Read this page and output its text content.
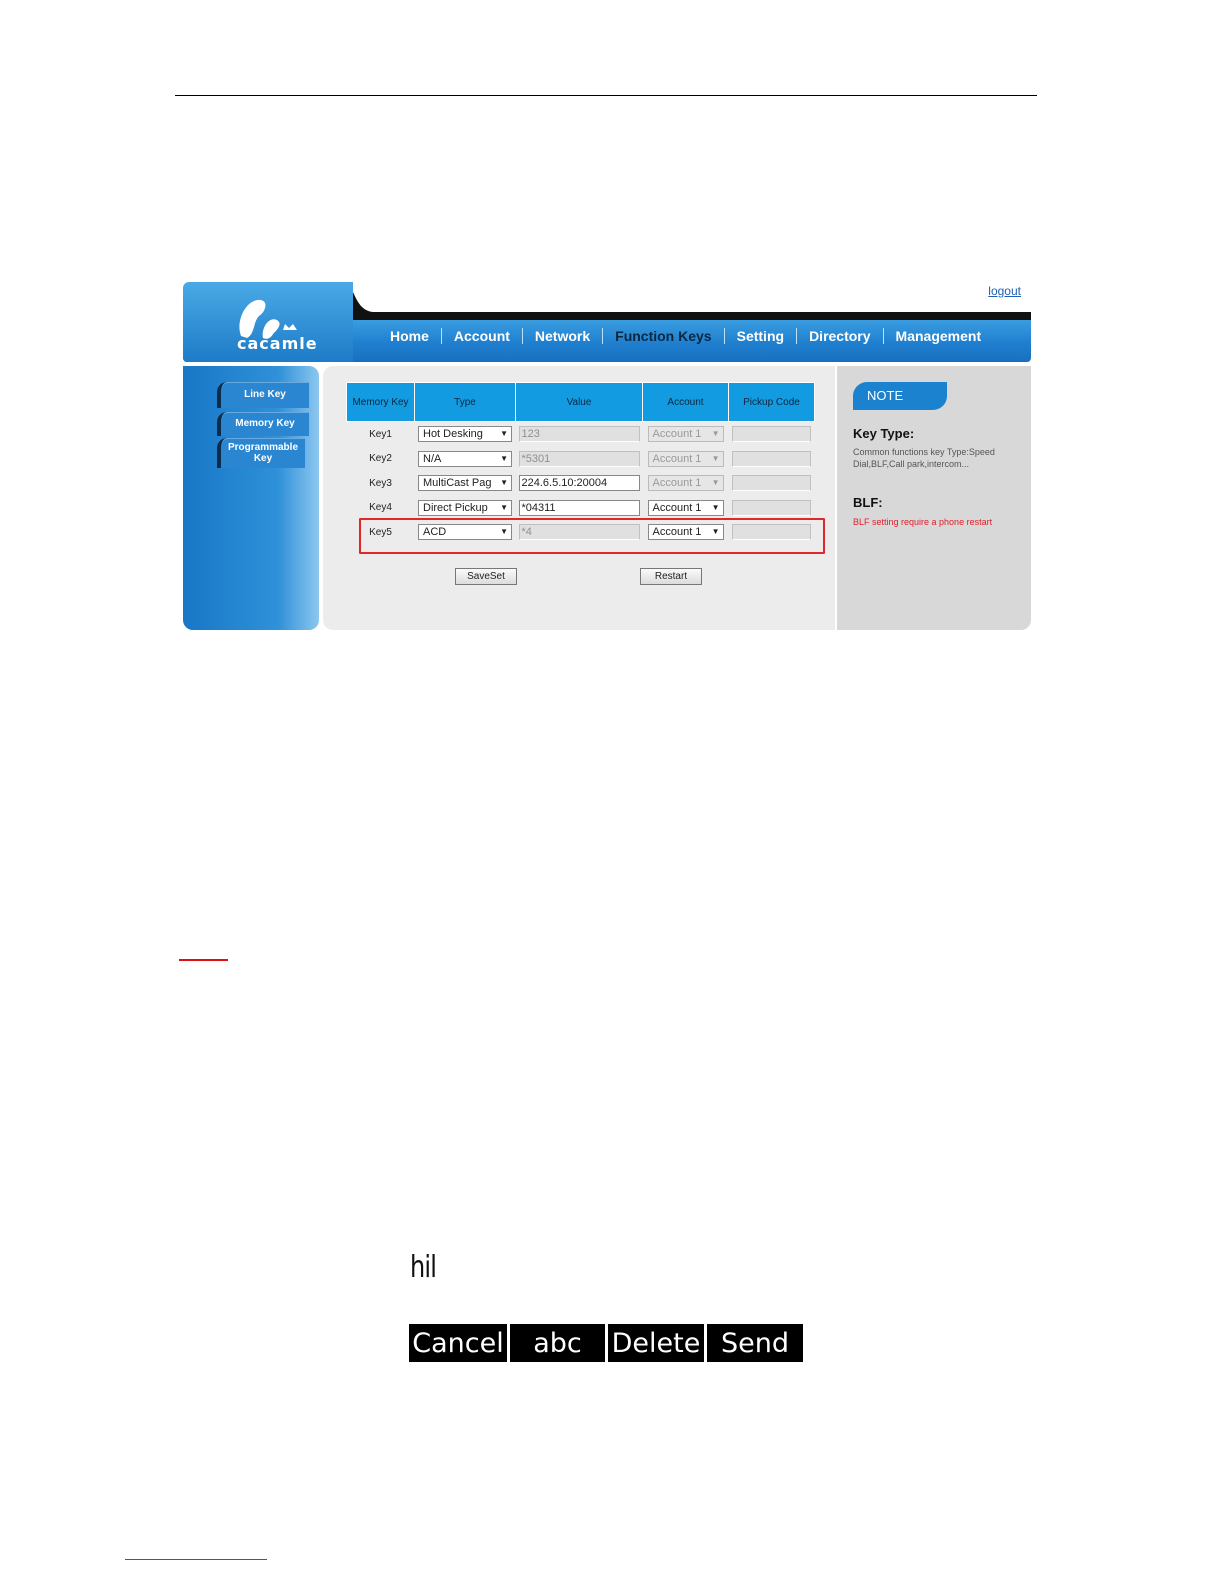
cacamle
logout
Home	Account	Network	Function Keys	Setting	Directory	Management
Line Key
Memory Key
Programmable Key
Memory Key	Type	Value	Account	Pickup Code
Key1	Hot Desking ▼	123	Account 1 ▼	

Key2	N/A ▼	*5301	Account 1 ▼	

Key3	MultiCast Pag ▼	224.6.5.10:20004	Account 1 ▼	

Key4	Direct Pickup ▼	*04311	Account 1 ▼	

Key5	ACD ▼	*4	Account 1 ▼	

SaveSet	Restart
NOTE
Key Type:
Common functions key Type:Speed Dial,BLF,Call park,intercom...
BLF:
BLF setting require a phone restart
hil
Cancel	abc	Delete Send
